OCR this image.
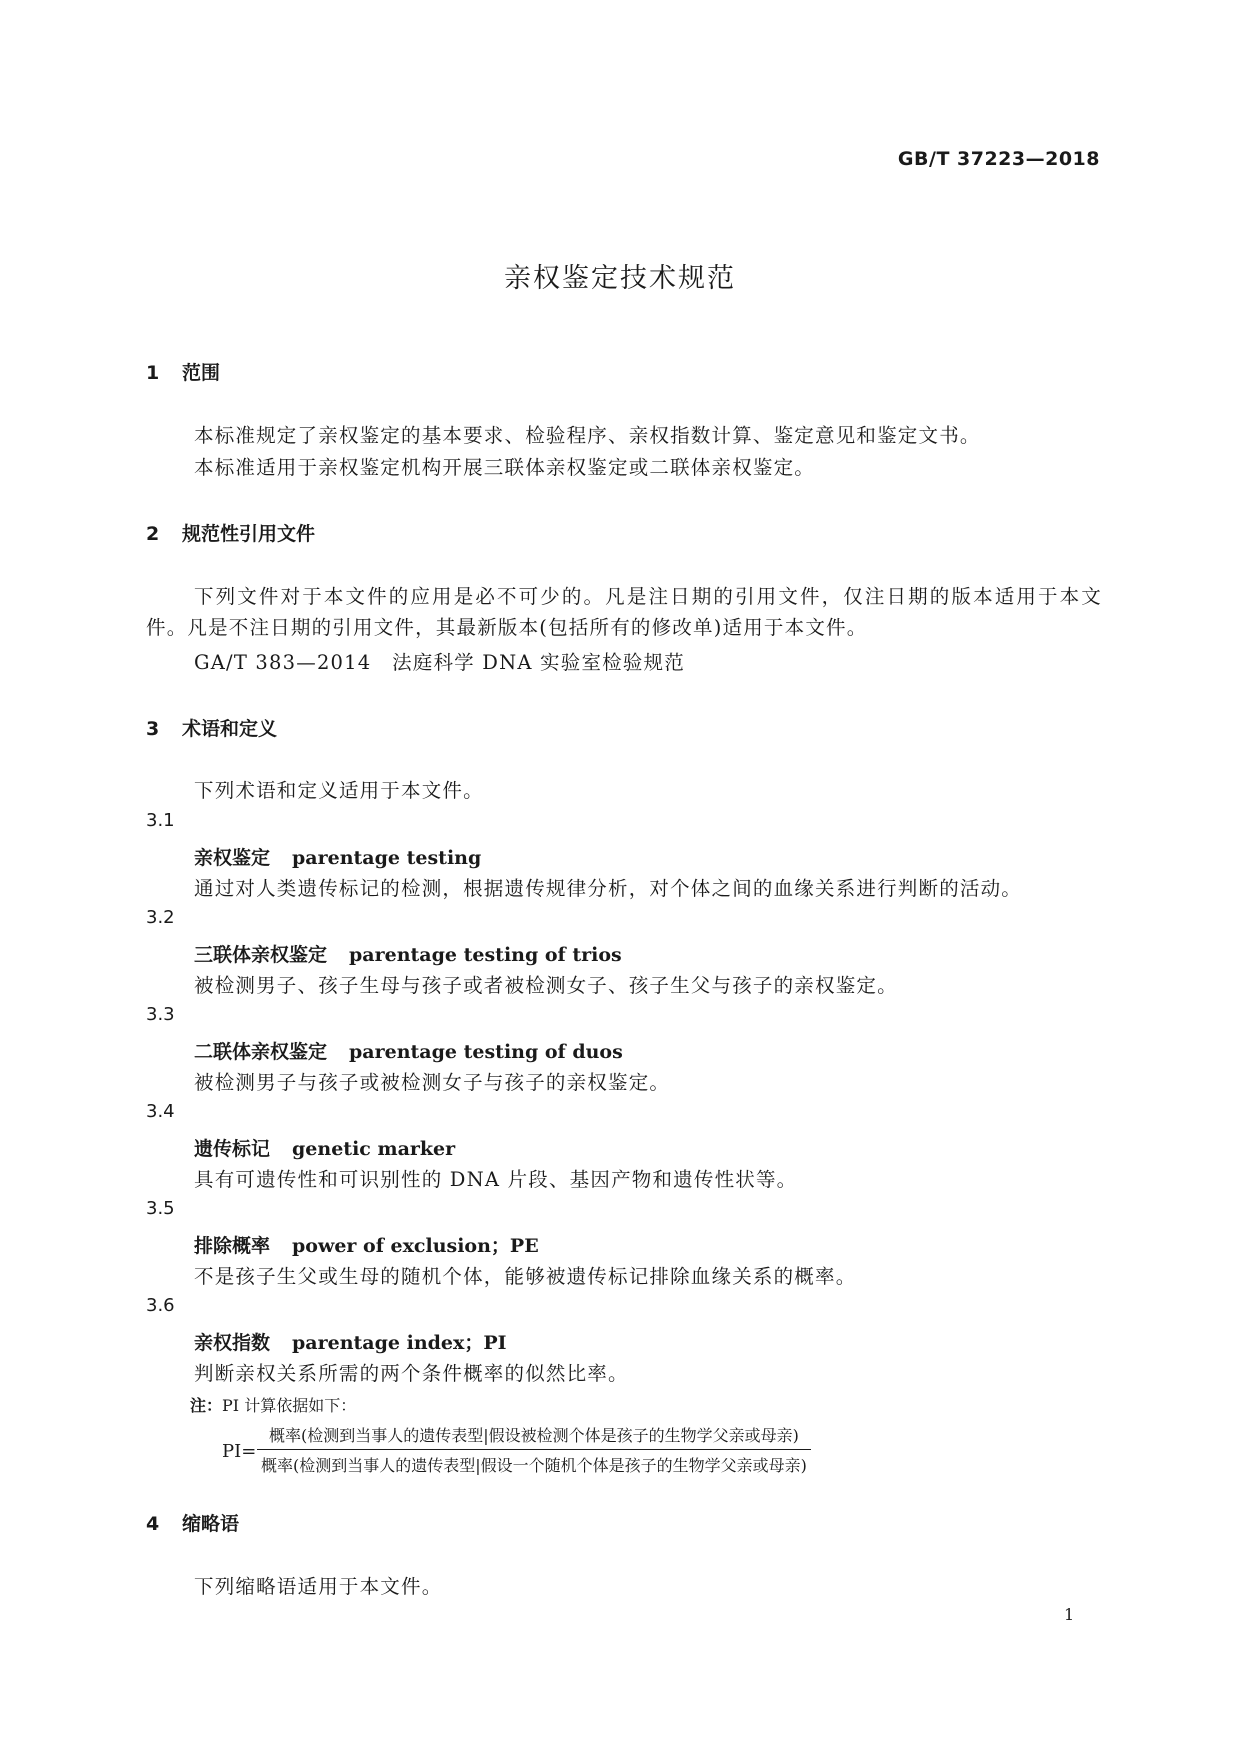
GB/T 37223—2018
亲权鉴定技术规范
1 范围
本标准规定了亲权鉴定的基本要求、检验程序、亲权指数计算、鉴定意见和鉴定文书。
本标准适用于亲权鉴定机构开展三联体亲权鉴定或二联体亲权鉴定。
2 规范性引用文件
下列文件对于本文件的应用是必不可少的。凡是注日期的引用文件，仅注日期的版本适用于本文件。凡是不注日期的引用文件，其最新版本(包括所有的修改单)适用于本文件。
GA/T 383—2014　法庭科学 DNA 实验室检验规范
3 术语和定义
下列术语和定义适用于本文件。
3.1
亲权鉴定 parentage testing
通过对人类遗传标记的检测，根据遗传规律分析，对个体之间的血缘关系进行判断的活动。
3.2
三联体亲权鉴定 parentage testing of trios
被检测男子、孩子生母与孩子或者被检测女子、孩子生父与孩子的亲权鉴定。
3.3
二联体亲权鉴定 parentage testing of duos
被检测男子与孩子或被检测女子与孩子的亲权鉴定。
3.4
遗传标记 genetic marker
具有可遗传性和可识别性的 DNA 片段、基因产物和遗传性状等。
3.5
排除概率 power of exclusion；PE
不是孩子生父或生母的随机个体，能够被遗传标记排除血缘关系的概率。
3.6
亲权指数 parentage index；PI
判断亲权关系所需的两个条件概率的似然比率。
注：PI 计算依据如下：
PI=
概率(检测到当事人的遗传表型|假设被检测个体是孩子的生物学父亲或母亲)
概率(检测到当事人的遗传表型|假设一个随机个体是孩子的生物学父亲或母亲)
4 缩略语
下列缩略语适用于本文件。
1
